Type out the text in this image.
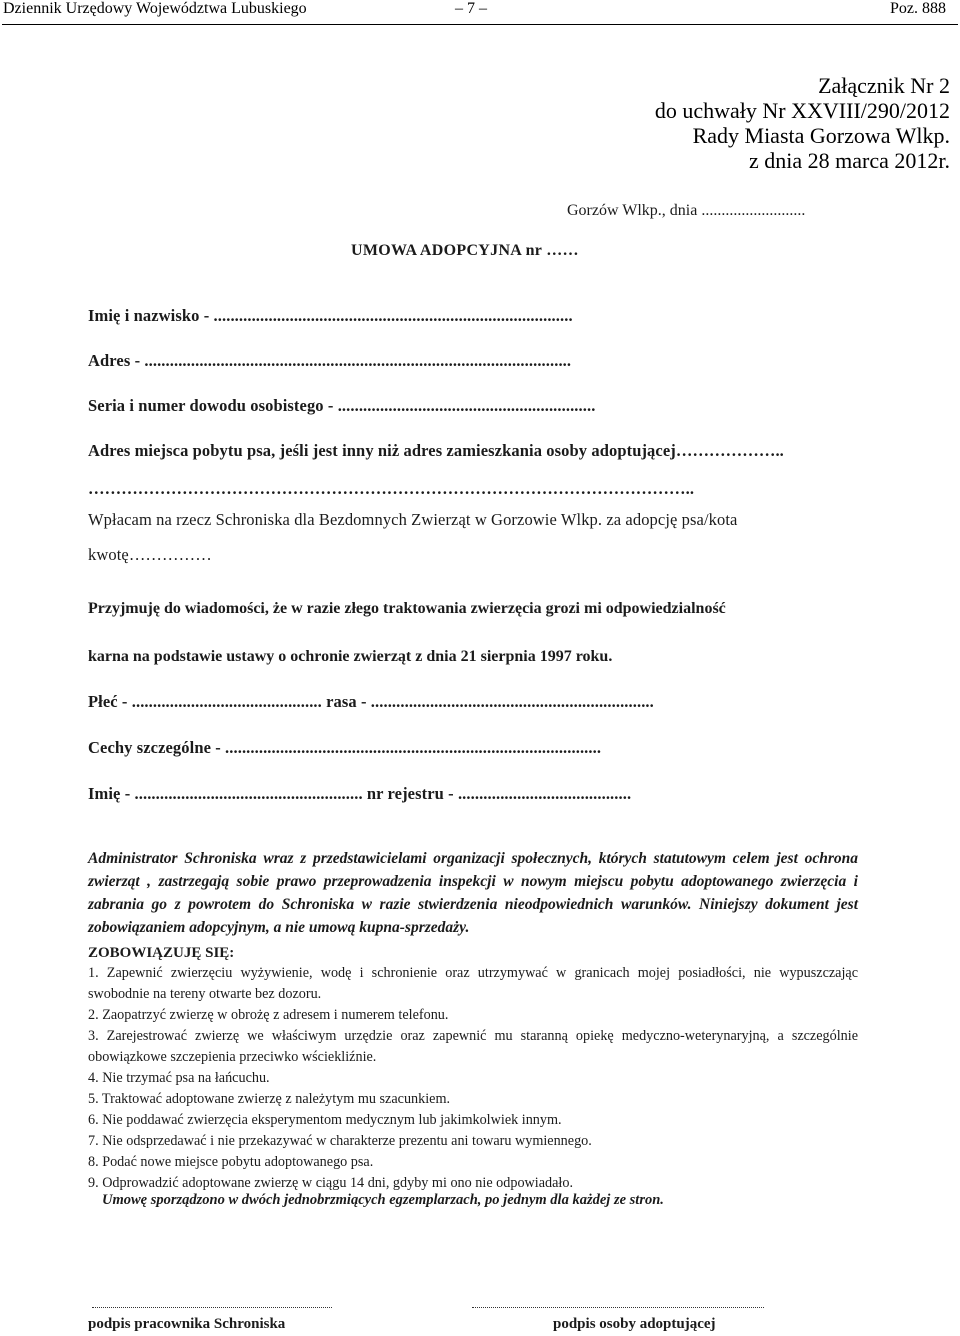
Dziennik Urzędowy Województwa Lubuskiego	– 7 –	Poz. 888

Załącznik Nr 2

do uchwały Nr XXVIII/290/2012

Rady Miasta Gorzowa Wlkp.

z dnia 28 marca 2012r.

Gorzów Wlkp., dnia ..........................

UMOWA ADOPCYJNA nr ……

Imię i nazwisko - .....................................................................................

Adres - .....................................................................................................

Seria i numer dowodu osobistego - .............................................................

Adres miejsca pobytu psa, jeśli jest inny niż adres zamieszkania osoby adoptującej………………..

………………………………………………………………………………………………..

Wpłacam na rzecz Schroniska dla Bezdomnych Zwierząt w Gorzowie Wlkp. za adopcję psa/kota

kwotę……………

Przyjmuję do wiadomości, że w razie złego traktowania zwierzęcia grozi mi odpowiedzialność

karna na podstawie ustawy o ochronie zwierząt z dnia 21 sierpnia 1997 roku.

Płeć - ............................................. rasa - ...................................................................

Cechy szczególne - .........................................................................................

Imię - ...................................................... nr rejestru - .........................................

Administrator Schroniska wraz z przedstawicielami organizacji społecznych, których statutowym celem jest ochrona zwierząt , zastrzegają sobie prawo przeprowadzenia inspekcji w nowym miejscu pobytu adoptowanego zwierzęcia i zabrania go z powrotem do Schroniska w razie stwierdzenia nieodpowiednich warunków. Niniejszy dokument jest zobowiązaniem adopcyjnym, a nie umową kupna-sprzedaży.

ZOBOWIĄZUJĘ SIĘ:

1. Zapewnić zwierzęciu wyżywienie, wodę i schronienie oraz utrzymywać w granicach mojej posiadłości, nie wypuszczając swobodnie na tereny otwarte bez dozoru.
2. Zaopatrzyć zwierzę w obrożę z adresem i numerem telefonu.
3. Zarejestrować zwierzę we właściwym urzędzie oraz zapewnić mu staranną opiekę medyczno-weterynaryjną, a szczególnie obowiązkowe szczepienia przeciwko wściekliźnie.
4. Nie trzymać psa na łańcuchu.
5. Traktować adoptowane zwierzę z należytym mu szacunkiem.
6. Nie poddawać zwierzęcia eksperymentom medycznym lub jakimkolwiek innym.
7. Nie odsprzedawać i nie przekazywać w charakterze prezentu ani towaru wymiennego.
8. Podać nowe miejsce pobytu adoptowanego psa.
9. Odprowadzić adoptowane zwierzę w ciągu 14 dni, gdyby mi ono nie odpowiadało.

Umowę sporządzono w dwóch jednobrzmiących egzemplarzach, po jednym dla każdej ze stron.

podpis pracownika Schroniska	podpis osoby adoptującej
